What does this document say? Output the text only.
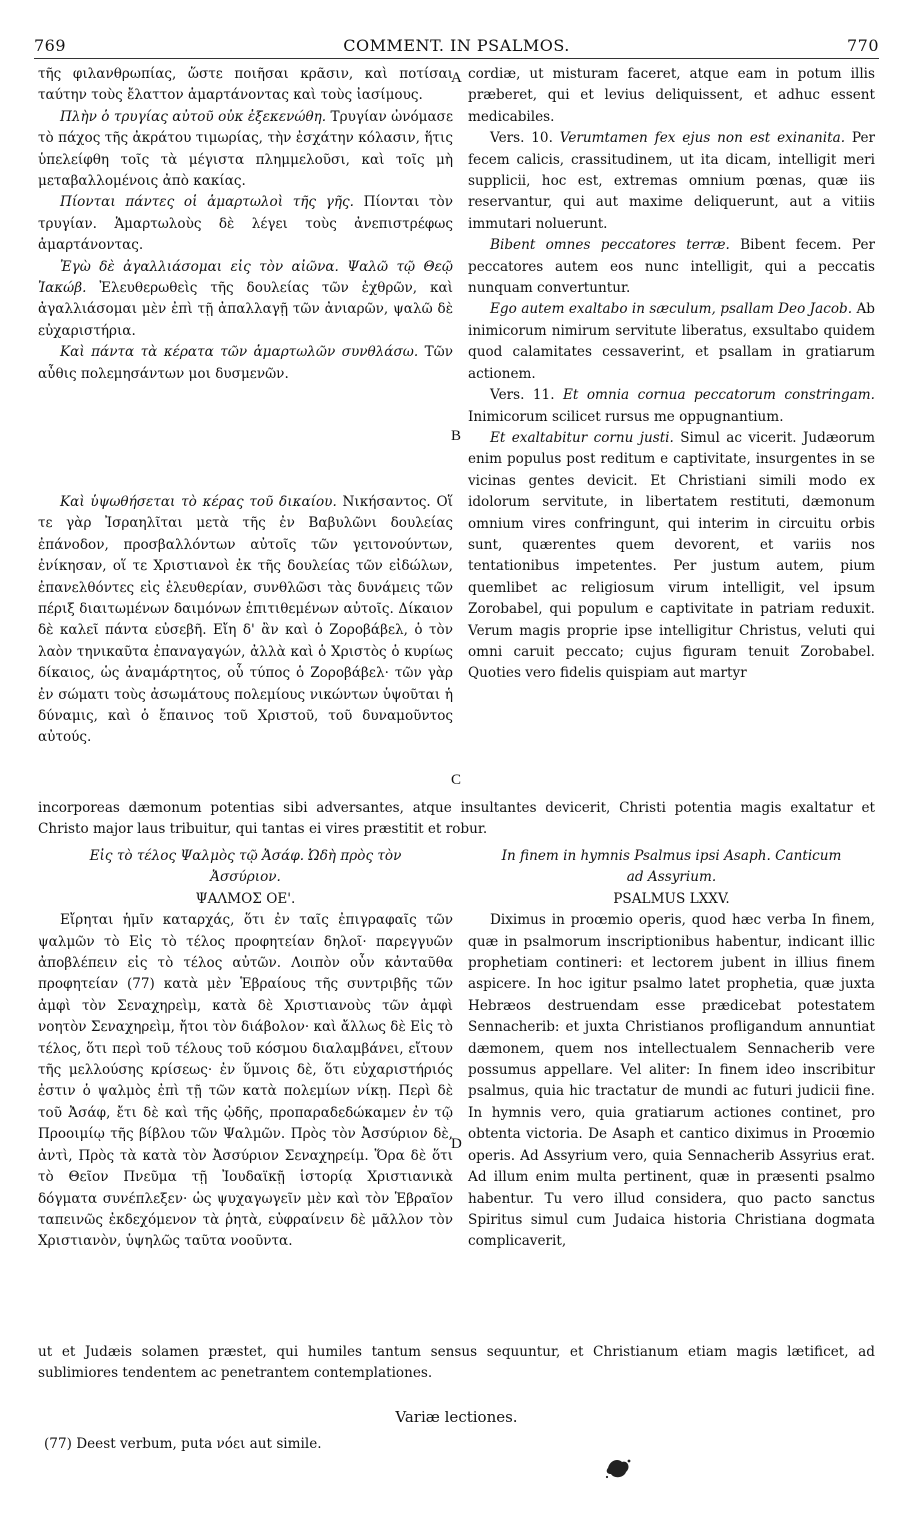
769	COMMENT. IN PSALMOS.	770
A
B
C
D

τῆς φιλανθρωπίας, ὥστε ποιῆσαι κρᾶσιν, καὶ ποτίσαι ταύτην τοὺς ἔλαττον ἁμαρτάνοντας καὶ τοὺς ἰασίμους.

Πλὴν ὁ τρυγίας αὐτοῦ οὐκ ἐξεκενώθη. Τρυγίαν ὠνόμασε τὸ πάχος τῆς ἀκράτου τιμωρίας, τὴν ἐσχάτην κόλασιν, ἥτις ὑπελείφθη τοῖς τὰ μέγιστα πλημμελοῦσι, καὶ τοῖς μὴ μεταβαλλομένοις ἀπὸ κακίας.

Πίονται πάντες οἱ ἁμαρτωλοὶ τῆς γῆς. Πίονται τὸν τρυγίαν. Ἁμαρτωλοὺς δὲ λέγει τοὺς ἀνεπιστρέφως ἁμαρτάνοντας.

Ἐγὼ δὲ ἀγαλλιάσομαι εἰς τὸν αἰῶνα. Ψαλῶ τῷ Θεῷ Ἰακώβ. Ἐλευθερωθεὶς τῆς δουλείας τῶν ἐχθρῶν, καὶ ἀγαλλιάσομαι μὲν ἐπὶ τῇ ἀπαλλαγῇ τῶν ἀνιαρῶν, ψαλῶ δὲ εὐχαριστήρια.

Καὶ πάντα τὰ κέρατα τῶν ἁμαρτωλῶν συνθλάσω. Τῶν αὖθις πολεμησάντων μοι δυσμενῶν.

Καὶ ὑψωθήσεται τὸ κέρας τοῦ δικαίου. Νικήσαντος. Οἵ τε γὰρ Ἰσραηλῖται μετὰ τῆς ἐν Βαβυλῶνι δουλείας ἐπάνοδον, προσβαλλόντων αὐτοῖς τῶν γειτονούντων, ἐνίκησαν, οἵ τε Χριστιανοὶ ἐκ τῆς δουλείας τῶν εἰδώλων, ἐπανελθόντες εἰς ἐλευθερίαν, συνθλῶσι τὰς δυνάμεις τῶν πέριξ διαιτωμένων δαιμόνων ἐπιτιθεμένων αὐτοῖς. Δίκαιον δὲ καλεῖ πάντα εὐσεβῆ. Εἴη δ' ἂν καὶ ὁ Ζοροβάβελ, ὁ τὸν λαὸν τηνικαῦτα ἐπαναγαγών, ἀλλὰ καὶ ὁ Χριστὸς ὁ κυρίως δίκαιος, ὡς ἀναμάρτητος, οὗ τύπος ὁ Ζοροβάβελ· τῶν γὰρ ἐν σώματι τοὺς ἀσωμάτους πολεμίους νικώντων ὑψοῦται ἡ δύναμις, καὶ ὁ ἔπαινος τοῦ Χριστοῦ, τοῦ δυναμοῦντος αὐτούς.

cordiæ, ut misturam faceret, atque eam in potum illis præberet, qui et levius deliquissent, et adhuc essent medicabiles.

Vers. 10. Verumtamen fex ejus non est exinanita. Per fecem calicis, crassitudinem, ut ita dicam, intelligit meri supplicii, hoc est, extremas omnium pœnas, quæ iis reservantur, qui aut maxime deliquerunt, aut a vitiis immutari noluerunt.

Bibent omnes peccatores terræ. Bibent fecem. Per peccatores autem eos nunc intelligit, qui a peccatis nunquam convertuntur.

Ego autem exaltabo in sæculum, psallam Deo Jacob. Ab inimicorum nimirum servitute liberatus, exsultabo quidem quod calamitates cessaverint, et psallam in gratiarum actionem.

Vers. 11. Et omnia cornua peccatorum constringam. Inimicorum scilicet rursus me oppugnantium.

Et exaltabitur cornu justi. Simul ac vicerit. Judæorum enim populus post reditum e captivitate, insurgentes in se vicinas gentes devicit. Et Christiani simili modo ex idolorum servitute, in libertatem restituti, dæmonum omnium vires confringunt, qui interim in circuitu orbis sunt, quærentes quem devorent, et variis nos tentationibus impetentes. Per justum autem, pium quemlibet ac religiosum virum intelligit, vel ipsum Zorobabel, qui populum e captivitate in patriam reduxit. Verum magis proprie ipse intelligitur Christus, veluti qui omni caruit peccato; cujus figuram tenuit Zorobabel. Quoties vero fidelis quispiam aut martyr

incorporeas dæmonum potentias sibi adversantes, atque insultantes devicerit, Christi potentia magis exaltatur et Christo major laus tribuitur, qui tantas ei vires præstitit et robur.

Εἰς τὸ τέλος Ψαλμὸς τῷ Ἀσάφ. Ὠδὴ πρὸς τὸν

Ἀσσύριον.

ΨΑΛΜΟΣ ΟΕ'.

Εἴρηται ἡμῖν καταρχάς, ὅτι ἐν ταῖς ἐπιγραφαῖς τῶν ψαλμῶν τὸ Εἰς τὸ τέλος προφητείαν δηλοῖ· παρεγγυῶν ἀποβλέπειν εἰς τὸ τέλος αὐτῶν. Λοιπὸν οὖν κἀνταῦθα προφητείαν (77) κατὰ μὲν Ἑβραίους τῆς συντριβῆς τῶν ἀμφὶ τὸν Σεναχηρεὶμ, κατὰ δὲ Χριστιανοὺς τῶν ἀμφὶ νοητὸν Σεναχηρεὶμ, ἤτοι τὸν διάβολον· καὶ ἄλλως δὲ Εἰς τὸ τέλος, ὅτι περὶ τοῦ τέλους τοῦ κόσμου διαλαμβάνει, εἴτουν τῆς μελλούσης κρίσεως· ἐν ὕμνοις δὲ, ὅτι εὐχαριστήριός ἐστιν ὁ ψαλμὸς ἐπὶ τῇ τῶν κατὰ πολεμίων νίκῃ. Περὶ δὲ τοῦ Ἀσάφ, ἔτι δὲ καὶ τῆς ᾠδῆς, προπαραδεδώκαμεν ἐν τῷ Προοιμίῳ τῆς βίβλου τῶν Ψαλμῶν. Πρὸς τὸν Ἀσσύριον δὲ, ἀντὶ, Πρὸς τὰ κατὰ τὸν Ἀσσύριον Σεναχηρείμ. Ὅρα δὲ ὅτι τὸ Θεῖον Πνεῦμα τῇ Ἰουδαϊκῇ ἱστορίᾳ Χριστιανικὰ δόγματα συνέπλεξεν· ὡς ψυχαγωγεῖν μὲν καὶ τὸν Ἑβραῖον ταπεινῶς ἐκδεχόμενον τὰ ῥητὰ, εὐφραίνειν δὲ μᾶλλον τὸν Χριστιανὸν, ὑψηλῶς ταῦτα νοοῦντα.

In finem in hymnis Psalmus ipsi Asaph. Canticum

ad Assyrium.

PSALMUS LXXV.

Diximus in proœmio operis, quod hæc verba In finem, quæ in psalmorum inscriptionibus habentur, indicant illic prophetiam contineri: et lectorem jubent in illius finem aspicere. In hoc igitur psalmo latet prophetia, quæ juxta Hebræos destruendam esse prædicebat potestatem Sennacherib: et juxta Christianos profligandum annuntiat dæmonem, quem nos intellectualem Sennacherib vere possumus appellare. Vel aliter: In finem ideo inscribitur psalmus, quia hic tractatur de mundi ac futuri judicii fine. In hymnis vero, quia gratiarum actiones continet, pro obtenta victoria. De Asaph et cantico diximus in Proœmio operis. Ad Assyrium vero, quia Sennacherib Assyrius erat. Ad illum enim multa pertinent, quæ in præsenti psalmo habentur. Tu vero illud considera, quo pacto sanctus Spiritus simul cum Judaica historia Christiana dogmata complicaverit,

ut et Judæis solamen præstet, qui humiles tantum sensus sequuntur, et Christianum etiam magis lætificet, ad sublimiores tendentem ac penetrantem contemplationes.

Variæ lectiones.
(77) Deest verbum, puta νόει aut simile.
